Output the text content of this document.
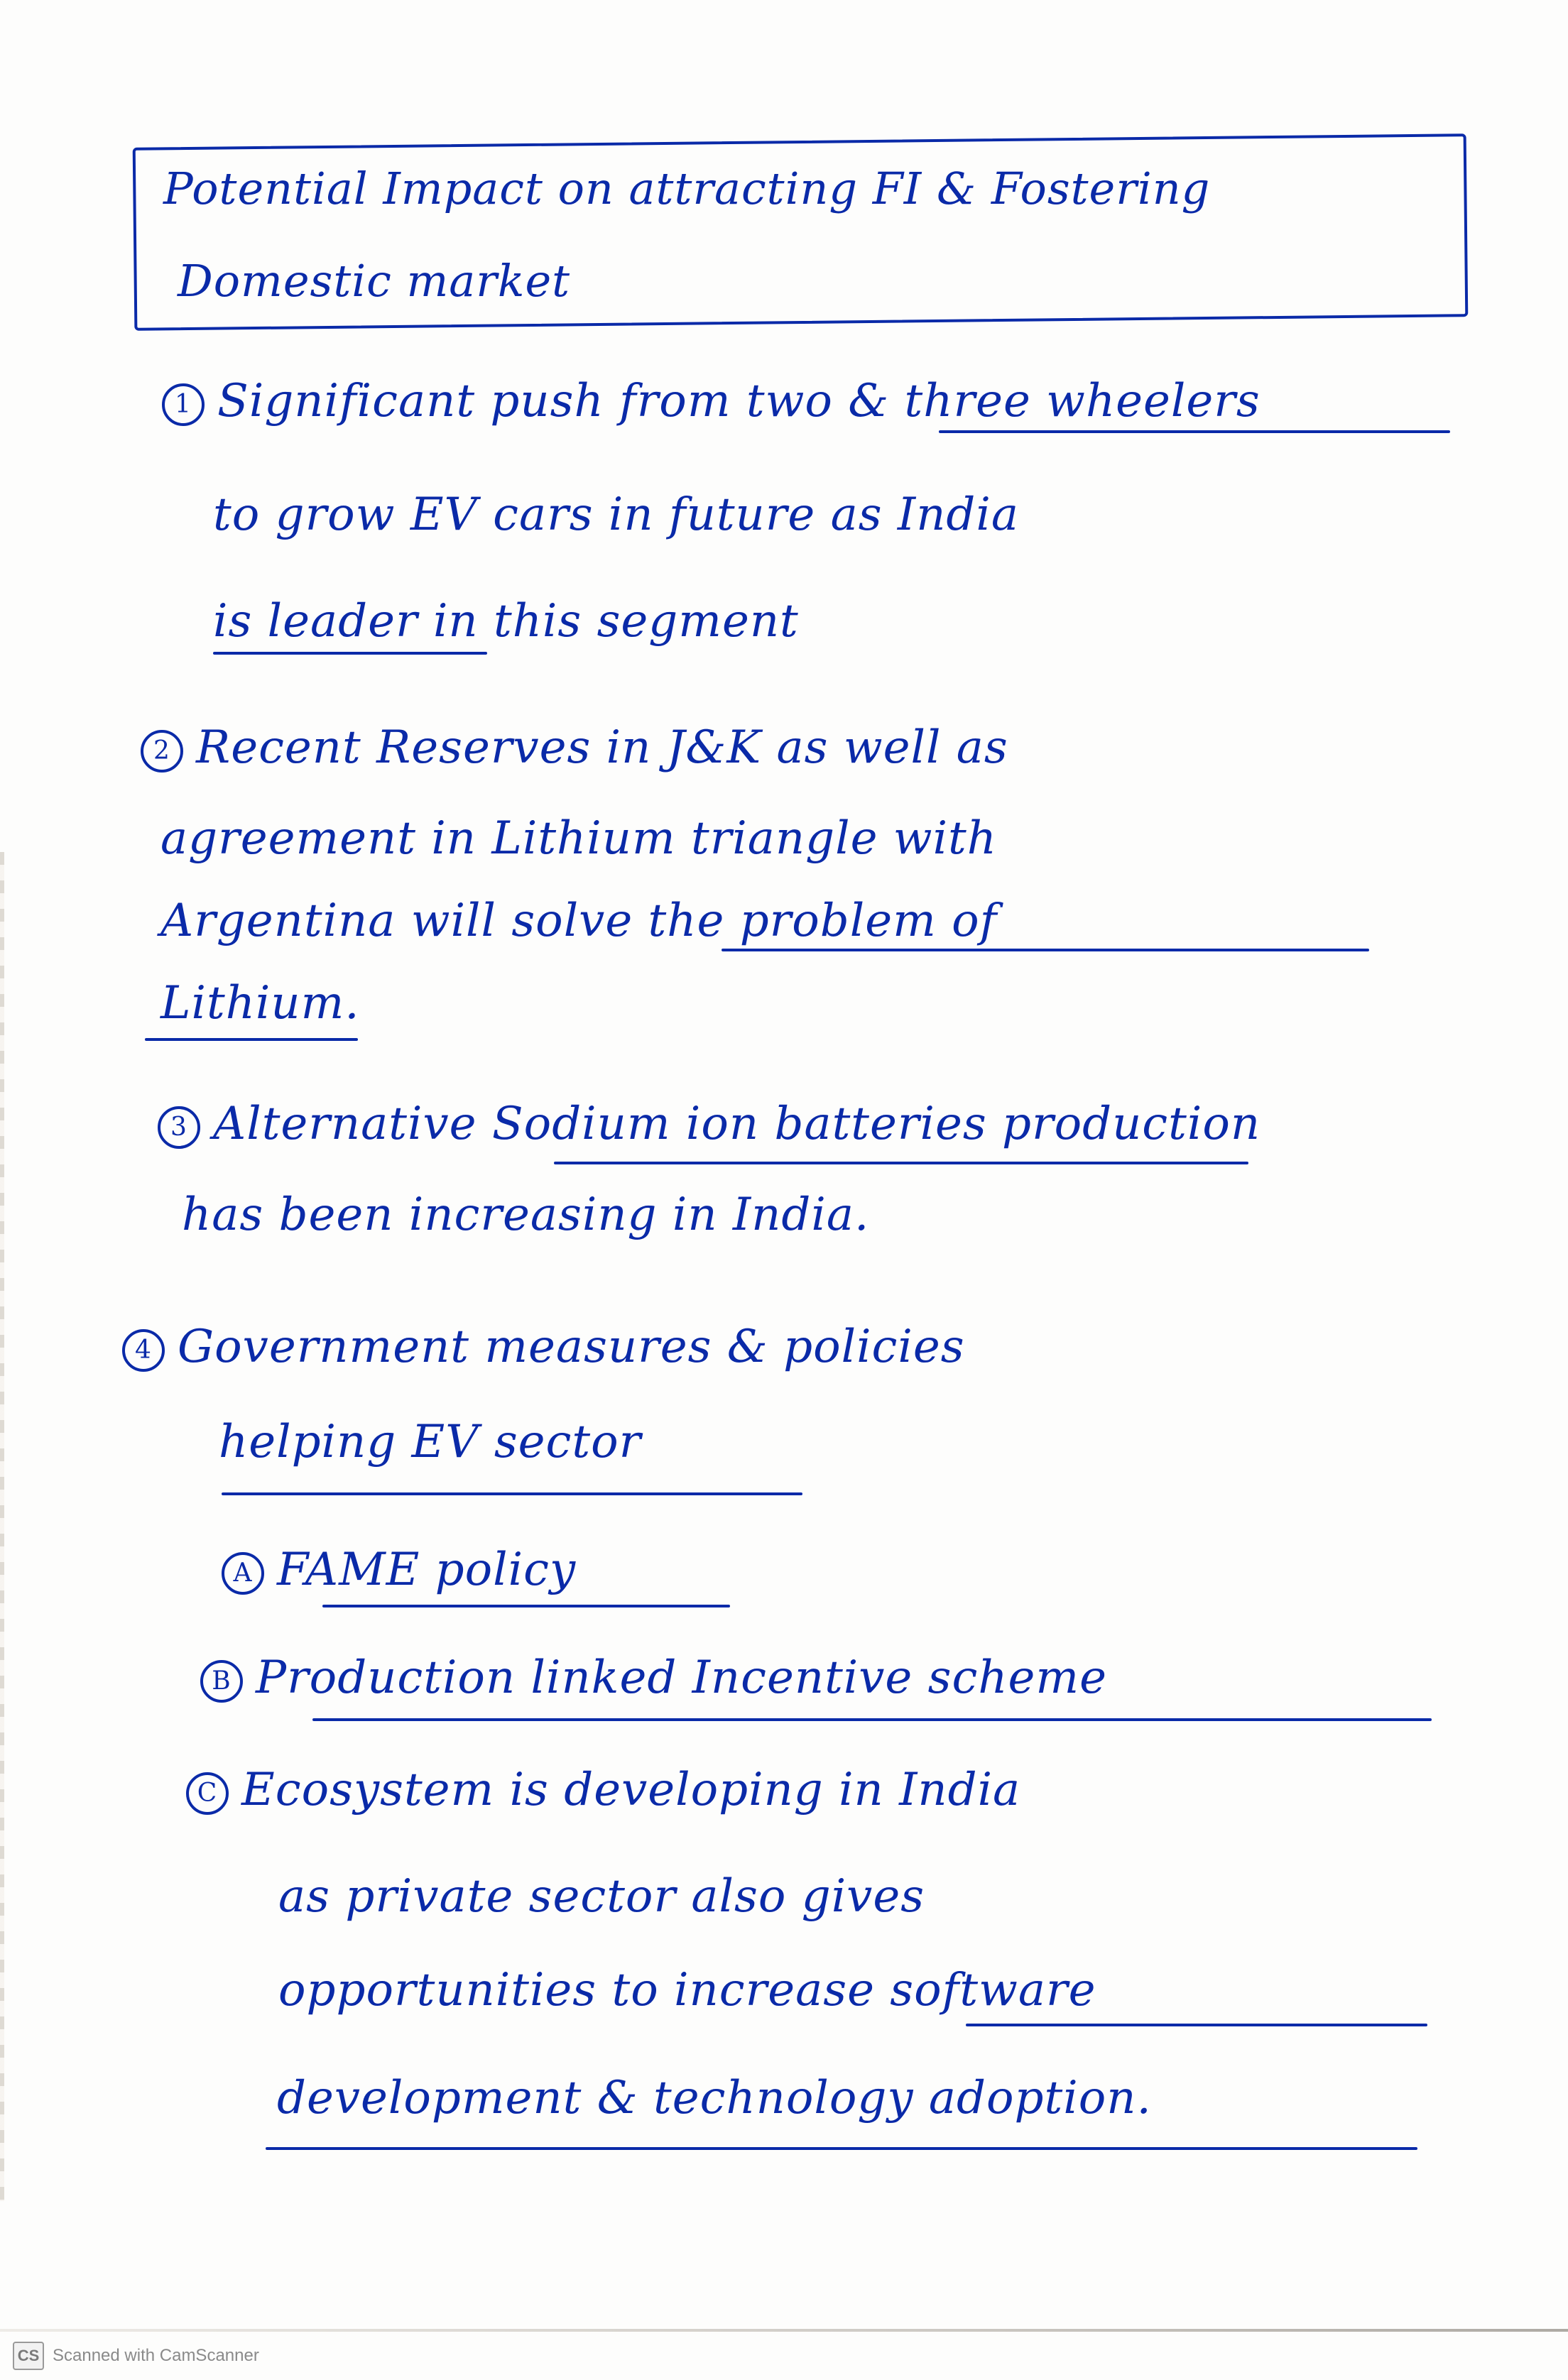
Potential Impact on attracting FI & Fostering
Domestic market
1 Significant push from two & three wheelers
to grow EV cars in future as India
is leader in this segment
2 Recent Reserves in J&K as well as
agreement in Lithium triangle with
Argentina will solve the problem of
Lithium.
3 Alternative Sodium ion batteries production
has been increasing in India.
4 Government measures & policies
helping EV sector
A FAME policy
B Production linked Incentive scheme
C Ecosystem is developing in India
as private sector also gives
opportunities to increase software
development & technology adoption.
CS Scanned with CamScanner
